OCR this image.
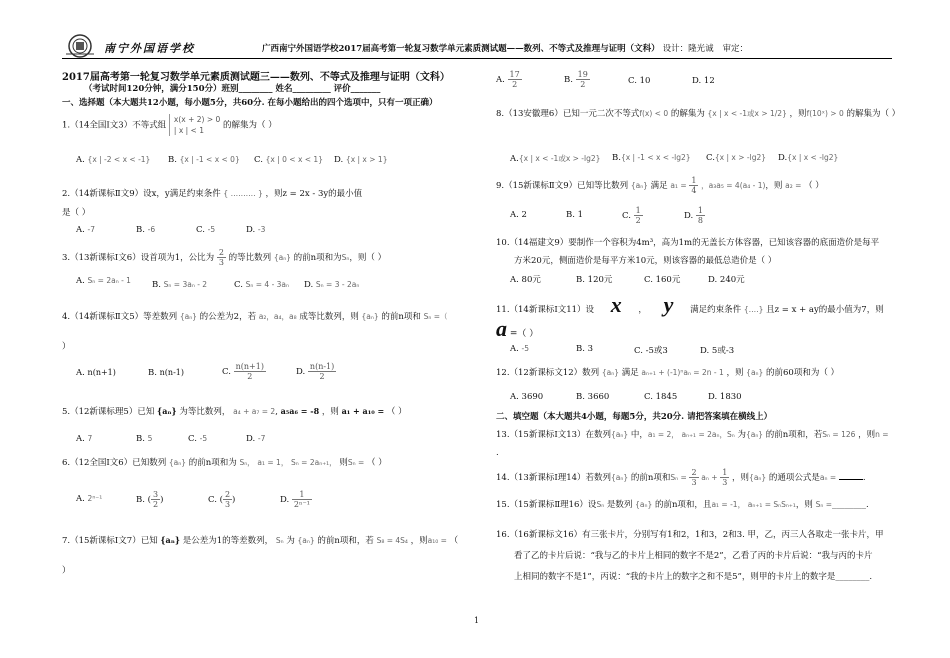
南宁外国语学校	广西南宁外国语学校2017届高考第一轮复习数学单元素质测试题——数列、不等式及推理与证明（文科） 设计：隆光诚 审定：
2017届高考第一轮复习数学单元素质测试题三——数列、不等式及推理与证明（文科）
（考试时间120分钟，满分150分）班别________ 姓名_________ 评价_______
一、选择题（本大题共12小题，每小题5分，共60分. 在每小题给出的四个选项中，只有一项正确）
1.（14全国Ⅰ文3）不等式组 x(x + 2) > 0
| x | < 1 的解集为（ ）
A. {x | -2 < x < -1} B. {x | -1 < x < 0} C. {x | 0 < x < 1} D. {x | x > 1}
2.（14新课标Ⅱ文9）设x，y满足约束条件 { ‥‥‥‥‥ } ，则z = 2x - 3y的最小值
是（ ）
A. -7	B. -6	C. -5	D. -3
3.（13新课标Ⅰ文6）设首项为1，公比为 $\frac{2}{3}$ 的等比数列 {aₙ} 的前n项和为Sₙ，则（ ）
A. Sₙ = 2aₙ - 1 B. Sₙ = 3aₙ - 2	C. Sₙ = 4 - 3aₙ D. Sₙ = 3 - 2aₙ
4.（14新课标Ⅱ文5）等差数列 {aₙ} 的公差为2，若 a₂，a₄，a₈ 成等比数列，则 {aₙ} 的前n项和 Sₙ =（
）
A. n(n+1)	B. n(n-1)	C. $\frac{n(n+1)}{2}$	D. $\frac{n(n-1)}{2}$
5.（12新课标理5）已知 {aₙ} 为等比数列， a₄ + a₇ = 2, a₅a₆ = -8 ，则 a₁ + a₁₀ = （ ）
A. 7	B. 5	C. -5	D. -7
6.（12全国Ⅰ文6）已知数列 {aₙ} 的前n项和为 Sₙ， a₁ = 1， Sₙ = 2aₙ₊₁， 则Sₙ = （ ）
A. 2ⁿ⁻¹	B. ( $\frac{3}{2}$ )	C. ( $\frac{2}{3}$ )	D. $\frac{1}{\text{2ⁿ⁻¹}}$
7.（15新课标Ⅰ文7）已知 {aₙ} 是公差为1的等差数列， Sₙ 为 {aₙ} 的前n项和，若 S₈ = 4S₄ ，则a₁₀ = （
）
A. $\frac{17}{2}$	B. $\frac{19}{2}$	C. 10	D. 12
8.（13安徽理6）已知一元二次不等式f(x) < 0 的解集为 {x | x < -1或x > 1/2} ，则f(10ˣ) > 0 的解集为（ ）
A.{x | x < -1或x > -lg2} B.{x | -1 < x < -lg2} C.{x | x > -lg2} D.{x | x < -lg2}
9.（15新课标Ⅱ文9）已知等比数列 {aₙ} 满足 $a_1 = \frac{1}{4}$ ，a₃a₅ = 4(a₄ - 1)，则 a₂ = （ ）
A. 2	B. 1	C. $\frac{1}{2}$	D. $\frac{1}{8}$
10.（14福建文9）要制作一个容积为4m³，高为1m的无盖长方体容器，已知该容器的底面造价是每平
方米20元，侧面造价是每平方米10元，则该容器的最低总造价是（ ）
A. 80元	B. 120元	C. 160元	D. 240元
11.（14新课标Ⅰ文11）设 x ， y 满足约束条件 {‥‥} 且z = x + ay的最小值为7，则
a =（ ）
A. -5	B. 3	C. -5或3	D. 5或-3
12.（12新课标文12）数列 {aₙ} 满足 aₙ₊₁ + (-1)ⁿaₙ = 2n - 1 ，则 {aₙ} 的前60项和为（ ）
A. 3690	B. 3660	C. 1845	D. 1830
二、填空题（本大题共4小题，每题5分，共20分. 请把答案填在横线上）
13.（15新课标Ⅰ文13）在数列{aₙ} 中，a₁ = 2， aₙ₊₁ = 2aₙ，Sₙ 为{aₙ} 的前n项和，若Sₙ = 126 ，则n =
.
14.（13新课标Ⅰ理14）若数列{aₙ} 的前n项和$S_n = \frac{2}{3}$ $a_n + \frac{1}{3}$ ，则{aₙ} 的通项公式是aₙ =	.
15.（15新课标Ⅱ理16）设Sₙ 是数列 {aₙ} 的前n项和，且a₁ = -1， aₙ₊₁ = SₙSₙ₊₁，则 Sₙ =________.
16.（16新课标文16）有三张卡片，分别写有1和2，1和3，2和3. 甲，乙，丙三人各取走一张卡片，甲
看了乙的卡片后说：“我与乙的卡片上相同的数字不是2”，乙看了丙的卡片后说：“我与丙的卡片
上相同的数字不是1”，丙说：“我的卡片上的数字之和不是5”，则甲的卡片上的数字是________.
1
